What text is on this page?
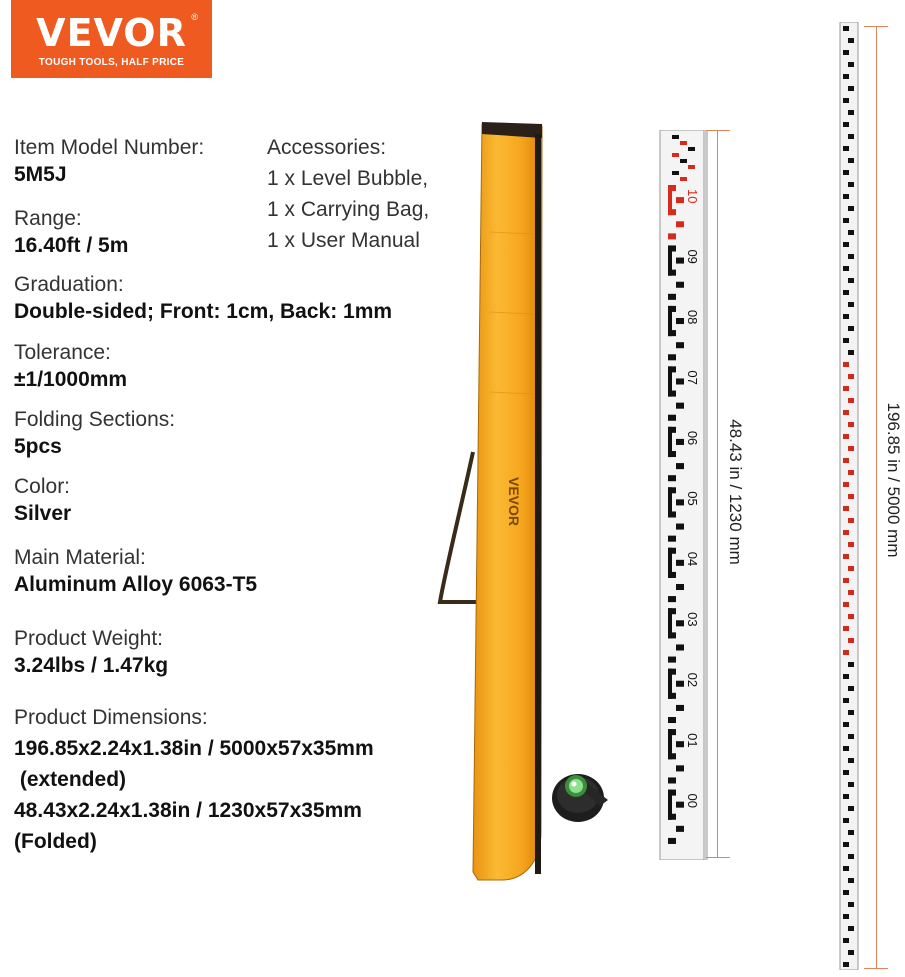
VEVOR ®
TOUGH TOOLS, HALF PRICE
Item Model Number:
5M5J
Range:
16.40ft / 5m
Graduation:
Double-sided; Front: 1cm, Back: 1mm
Tolerance:
±1/1000mm
Folding Sections:
5pcs
Color:
Silver
Main Material:
Aluminum Alloy 6063-T5
Product Weight:
3.24lbs / 1.47kg
Product Dimensions:
196.85x2.24x1.38in / 5000x57x35mm
(extended)
48.43x2.24x1.38in / 1230x57x35mm
(Folded)
Accessories:
1 x Level Bubble,
1 x Carrying Bag,
1 x User Manual
VEVOR
10
09
08
07
06
05
04
03
02
01
00
48.43 in / 1230 mm	196.85 in / 5000 mm
